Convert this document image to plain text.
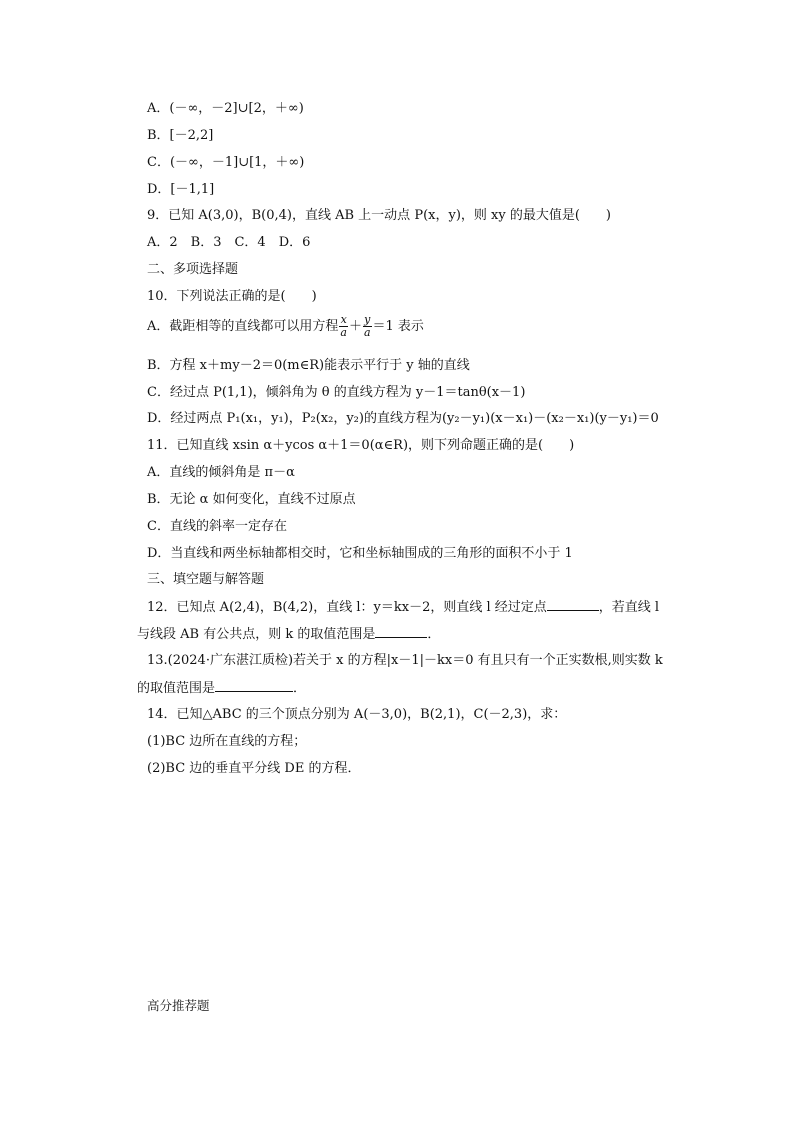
A．(－∞，－2]∪[2，＋∞)
B．[－2,2]
C．(－∞，－1]∪[1，＋∞)
D．[－1,1]
9．已知 A(3,0)，B(0,4)，直线 AB 上一动点 P(x，y)，则 xy 的最大值是(　　)
A．2　B．3　C．4　D．6
二、多项选择题
10．下列说法正确的是(　　)
A．截距相等的直线都可以用方程 $\frac{x}{a} + \frac{y}{a} =1$ 表示
B．方程 x＋my－2＝0(m∈R)能表示平行于 y 轴的直线
C．经过点 P(1,1)，倾斜角为 θ 的直线方程为 y－1＝tanθ(x－1)
D．经过两点 P₁(x₁，y₁)，P₂(x₂，y₂)的直线方程为(y₂－y₁)(x－x₁)－(x₂－x₁)(y－y₁)＝0
11．已知直线 xsin α＋ycos α＋1＝0(α∈R)，则下列命题正确的是(　　)
A．直线的倾斜角是 π－α
B．无论 α 如何变化，直线不过原点
C．直线的斜率一定存在
D．当直线和两坐标轴都相交时，它和坐标轴围成的三角形的面积不小于 1
三、填空题与解答题
12．已知点 A(2,4)，B(4,2)，直线 l：y＝kx－2，则直线 l 经过定点	，若直线 l
与线段 AB 有公共点，则 k 的取值范围是	．
13.(2024·广东湛江质检)若关于 x 的方程|x－1|－kx＝0 有且只有一个正实数根,则实数 k
的取值范围是	．
14．已知△ABC 的三个顶点分别为 A(－3,0)，B(2,1)，C(－2,3)，求：
(1)BC 边所在直线的方程；
(2)BC 边的垂直平分线 DE 的方程．
高分推荐题
